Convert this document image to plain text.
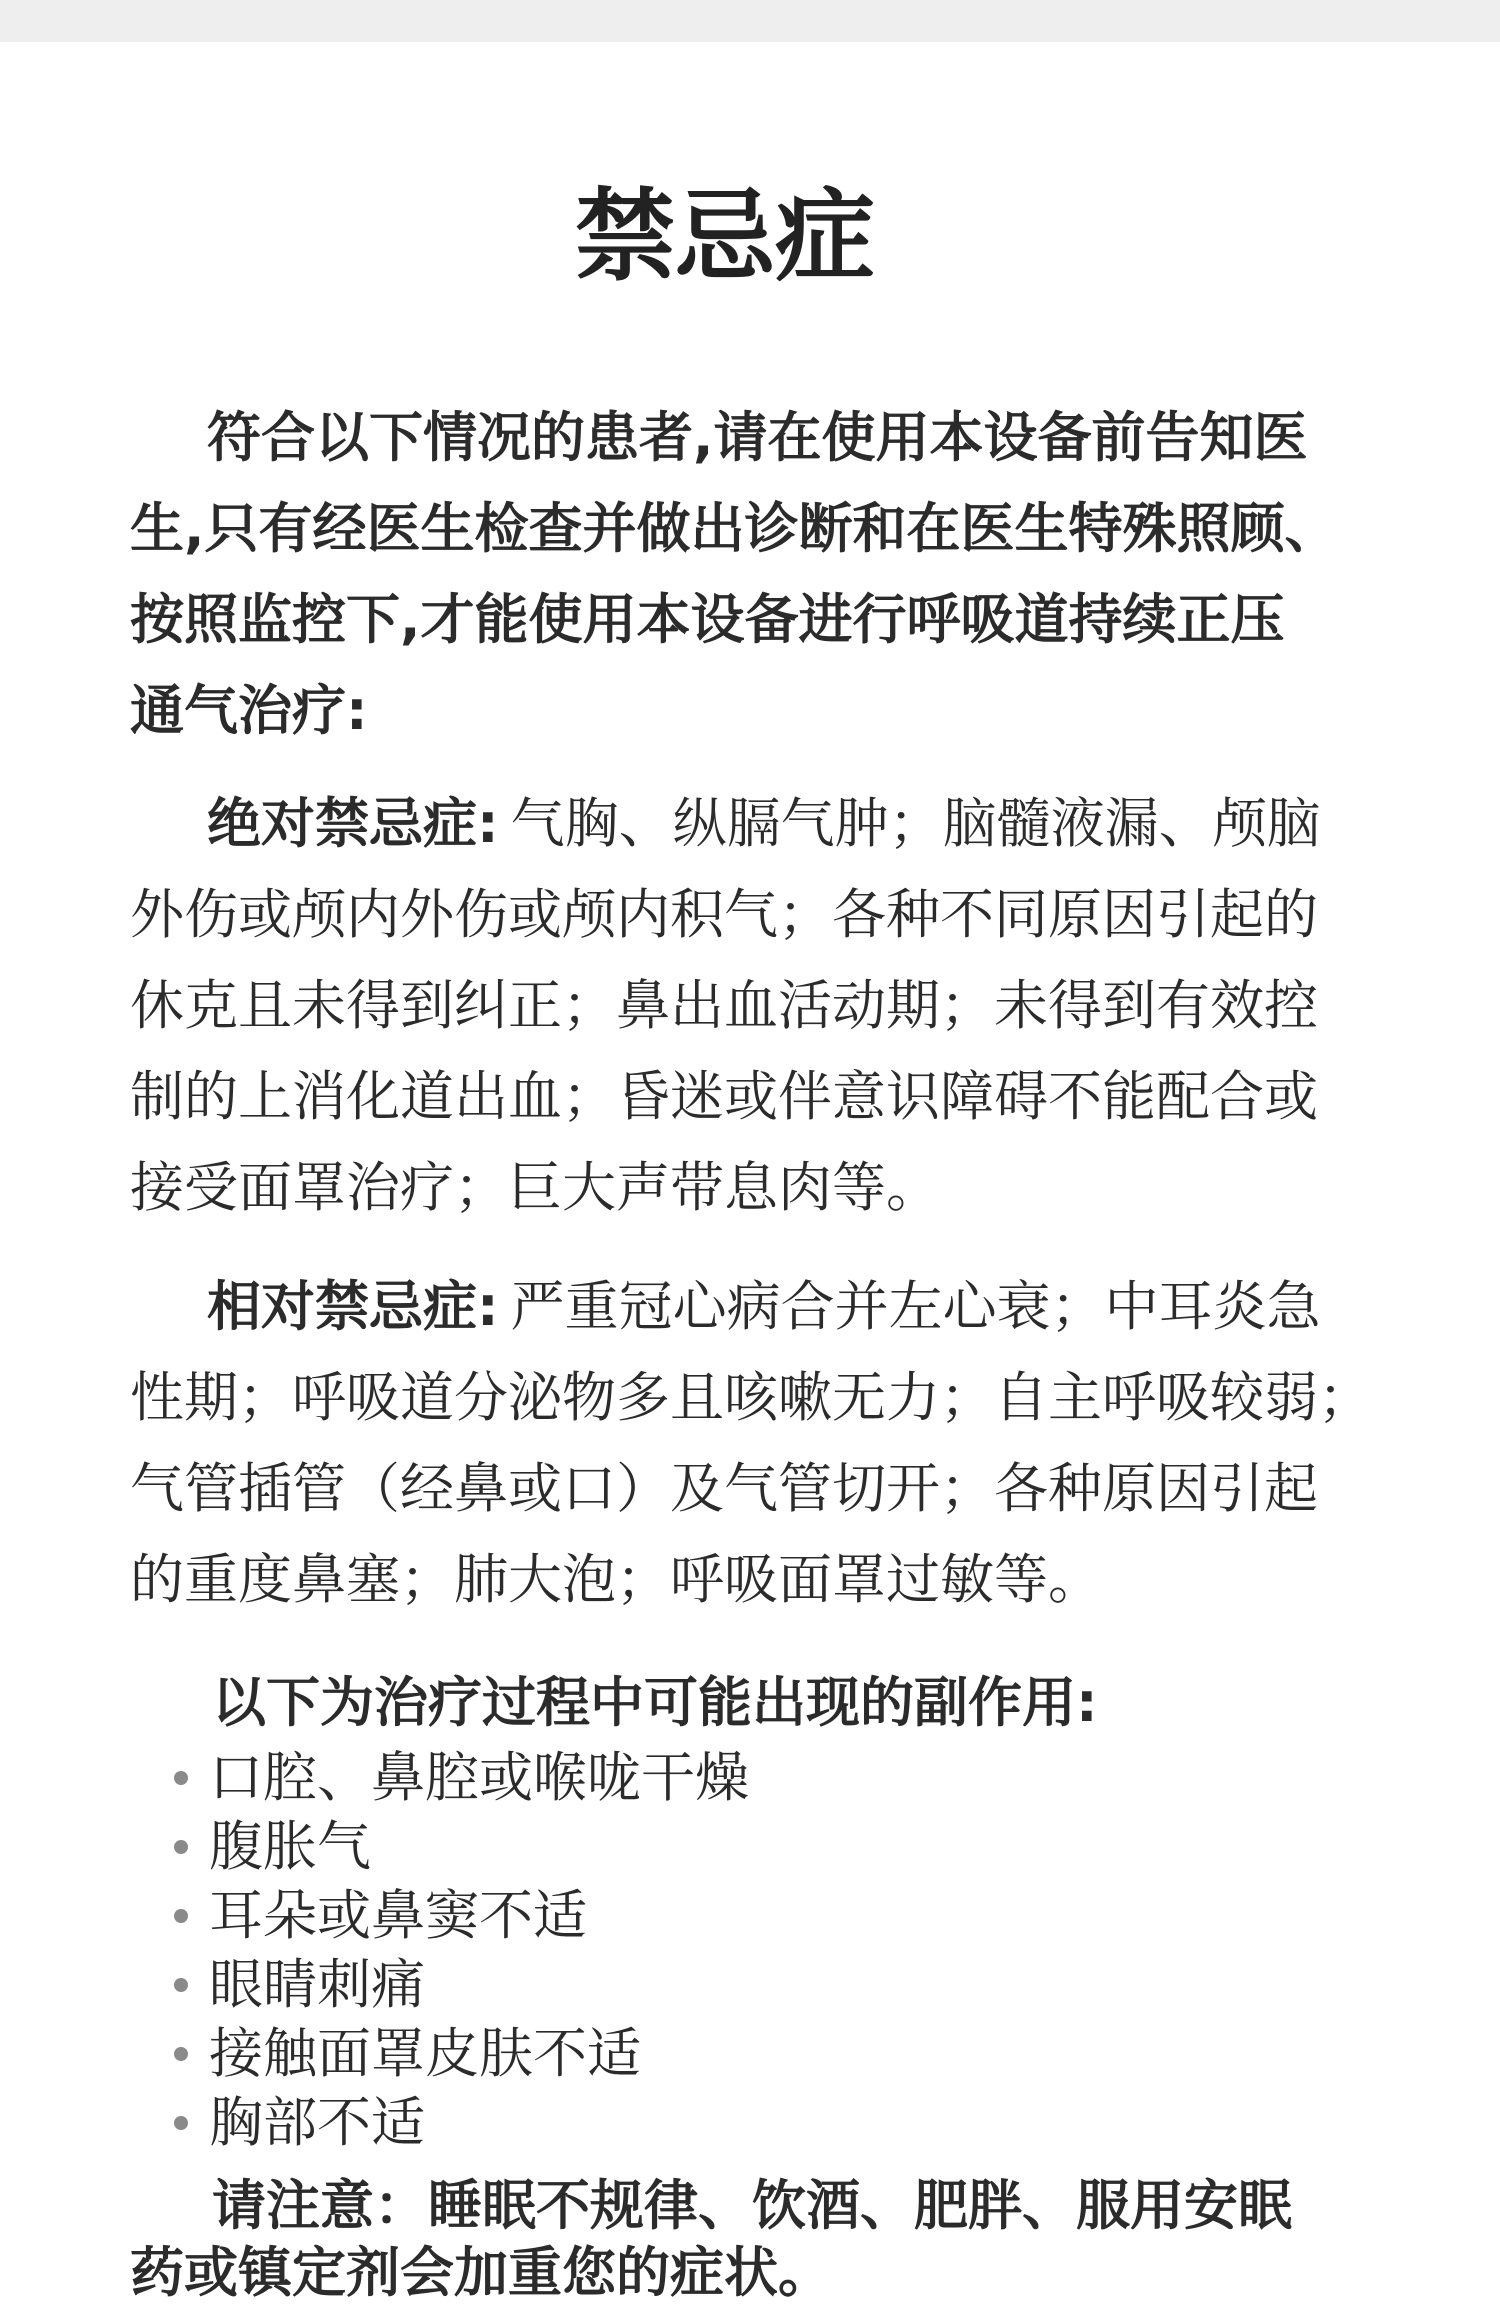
禁忌症
符合以下情况的患者,请在使用本设备前告知医
生,只有经医生检查并做出诊断和在医生特殊照顾、
按照监控下,才能使用本设备进行呼吸道持续正压
通气治疗:
绝对禁忌症: 气胸、纵膈气肿；脑髓液漏、颅脑
外伤或颅内外伤或颅内积气；各种不同原因引起的
休克且未得到纠正；鼻出血活动期；未得到有效控
制的上消化道出血；昏迷或伴意识障碍不能配合或
接受面罩治疗；巨大声带息肉等。
相对禁忌症: 严重冠心病合并左心衰；中耳炎急
性期；呼吸道分泌物多且咳嗽无力；自主呼吸较弱；
气管插管（经鼻或口）及气管切开；各种原因引起
的重度鼻塞；肺大泡；呼吸面罩过敏等。
以下为治疗过程中可能出现的副作用:
口腔、鼻腔或喉咙干燥
腹胀气
耳朵或鼻窦不适
眼睛刺痛
接触面罩皮肤不适
胸部不适
请注意：睡眠不规律、饮酒、肥胖、服用安眠
药或镇定剂会加重您的症状。
